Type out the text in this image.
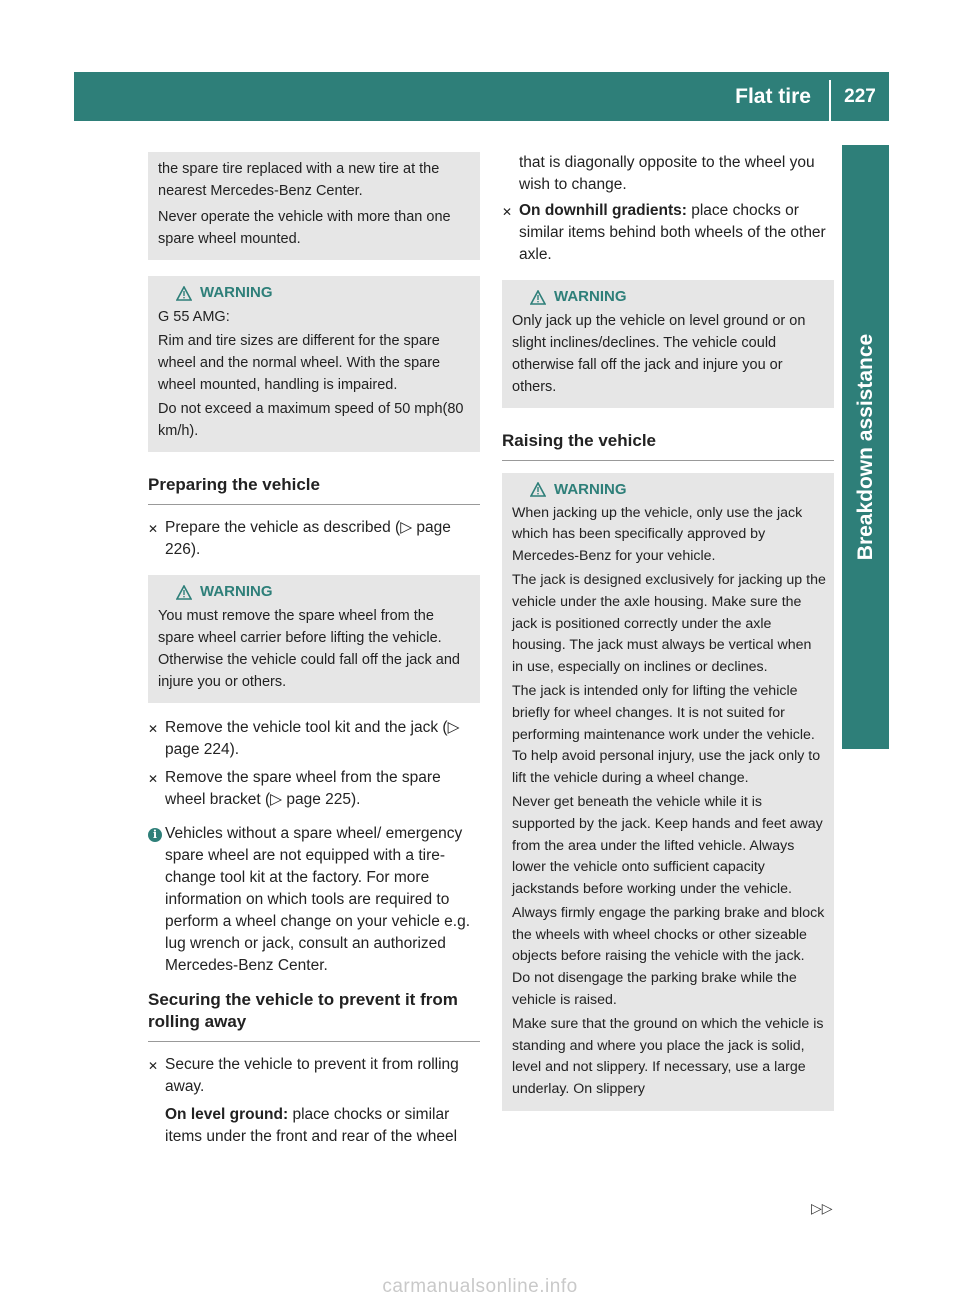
Flat tire	227
Breakdown assistance

the spare tire replaced with a new tire at the nearest Mercedes-Benz Center.

Never operate the vehicle with more than one spare wheel mounted.

WARNING

G 55 AMG:

Rim and tire sizes are different for the spare wheel and the normal wheel. With the spare wheel mounted, handling is impaired.

Do not exceed a maximum speed of 50 mph(80 km/h).

Preparing the vehicle
✕ Prepare the vehicle as described (▷ page 226).
WARNING

You must remove the spare wheel from the spare wheel carrier before lifting the vehicle. Otherwise the vehicle could fall off the jack and injure you or others.

✕ Remove the vehicle tool kit and the jack (▷ page 224).
✕ Remove the spare wheel from the spare wheel bracket (▷ page 225).
i Vehicles without a spare wheel/ emergency spare wheel are not equipped with a tire-change tool kit at the factory. For more information on which tools are required to perform a wheel change on your vehicle e.g. lug wrench or jack, consult an authorized Mercedes-Benz Center.
Securing the vehicle to prevent it from rolling away
✕ Secure the vehicle to prevent it from rolling away.
On level ground: place chocks or similar items under the front and rear of the wheel
that is diagonally opposite to the wheel you wish to change.
✕ On downhill gradients: place chocks or similar items behind both wheels of the other axle.
WARNING

Only jack up the vehicle on level ground or on slight inclines/declines. The vehicle could otherwise fall off the jack and injure you or others.

Raising the vehicle
WARNING

When jacking up the vehicle, only use the jack which has been specifically approved by Mercedes-Benz for your vehicle.

The jack is designed exclusively for jacking up the vehicle under the axle housing. Make sure the jack is positioned correctly under the axle housing. The jack must always be vertical when in use, especially on inclines or declines.

The jack is intended only for lifting the vehicle briefly for wheel changes. It is not suited for performing maintenance work under the vehicle. To help avoid personal injury, use the jack only to lift the vehicle during a wheel change.

Never get beneath the vehicle while it is supported by the jack. Keep hands and feet away from the area under the lifted vehicle. Always lower the vehicle onto sufficient capacity jackstands before working under the vehicle.

Always firmly engage the parking brake and block the wheels with wheel chocks or other sizeable objects before raising the vehicle with the jack. Do not disengage the parking brake while the vehicle is raised.

Make sure that the ground on which the vehicle is standing and where you place the jack is solid, level and not slippery. If necessary, use a large underlay. On slippery

▷▷
carmanualsonline.info
